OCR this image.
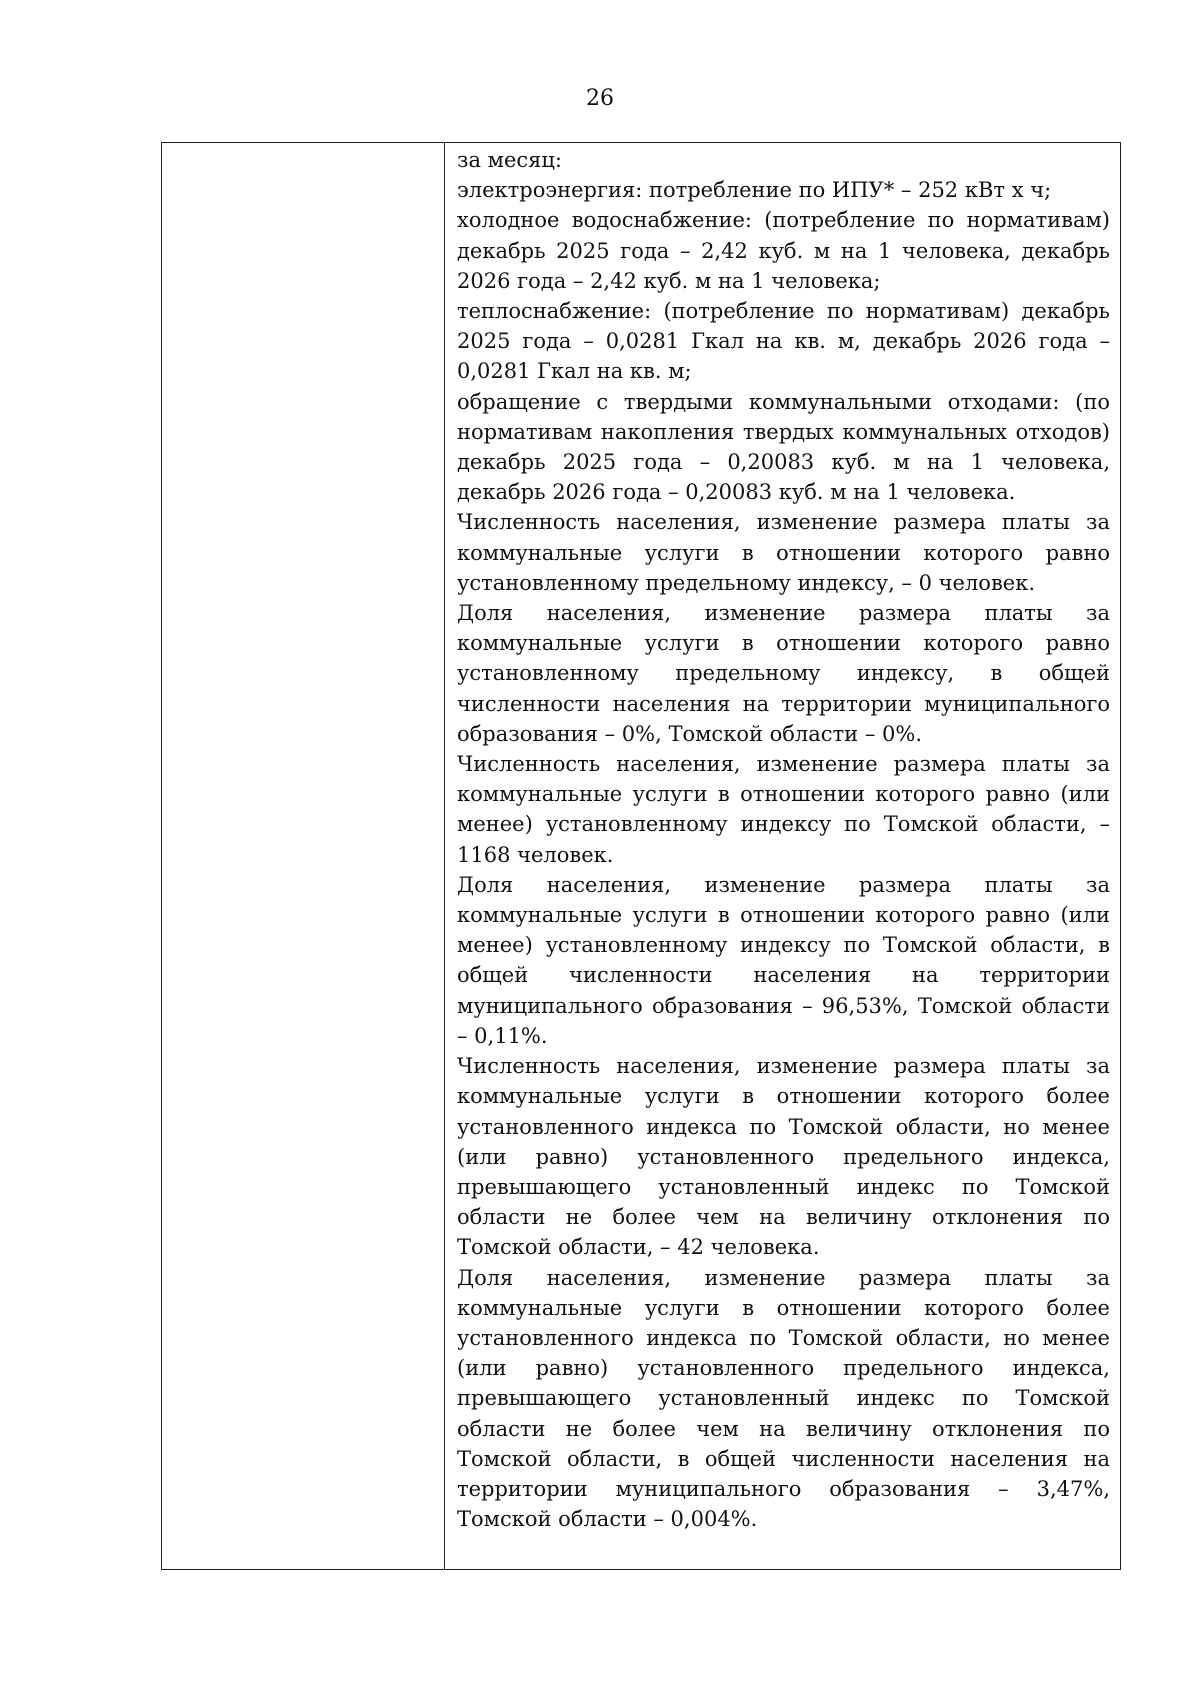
26

за месяц:

электроэнергия: потребление по ИПУ* – 252 кВт х ч;

холодное водоснабжение: (потребление по нормативам) декабрь 2025 года – 2,42 куб. м на 1 человека, декабрь 2026 года – 2,42 куб. м на 1 человека;

теплоснабжение: (потребление по нормативам) декабрь 2025 года – 0,0281 Гкал на кв. м, декабрь 2026 года – 0,0281 Гкал на кв. м;

обращение с твердыми коммунальными отходами: (по нормативам накопления твердых коммунальных отходов) декабрь 2025 года – 0,20083 куб. м на 1 человека, декабрь 2026 года – 0,20083 куб. м на 1 человека.

Численность населения, изменение размера платы за коммунальные услуги в отношении которого равно установленному предельному индексу, – 0 человек.

Доля населения, изменение размера платы за коммунальные услуги в отношении которого равно установленному предельному индексу, в общей численности населения на территории муниципального образования – 0%, Томской области – 0%.

Численность населения, изменение размера платы за коммунальные услуги в отношении которого равно (или менее) установленному индексу по Томской области, – 1168 человек.

Доля населения, изменение размера платы за коммунальные услуги в отношении которого равно (или менее) установленному индексу по Томской области, в общей численности населения на территории муниципального образования – 96,53%, Томской области – 0,11%.

Численность населения, изменение размера платы за коммунальные услуги в отношении которого более установленного индекса по Томской области, но менее (или равно) установленного предельного индекса, превышающего установленный индекс по Томской области не более чем на величину отклонения по Томской области, – 42 человека.

Доля населения, изменение размера платы за коммунальные услуги в отношении которого более установленного индекса по Томской области, но менее (или равно) установленного предельного индекса, превышающего установленный индекс по Томской области не более чем на величину отклонения по Томской области, в общей численности населения на территории муниципального образования – 3,47%, Томской области – 0,004%.
